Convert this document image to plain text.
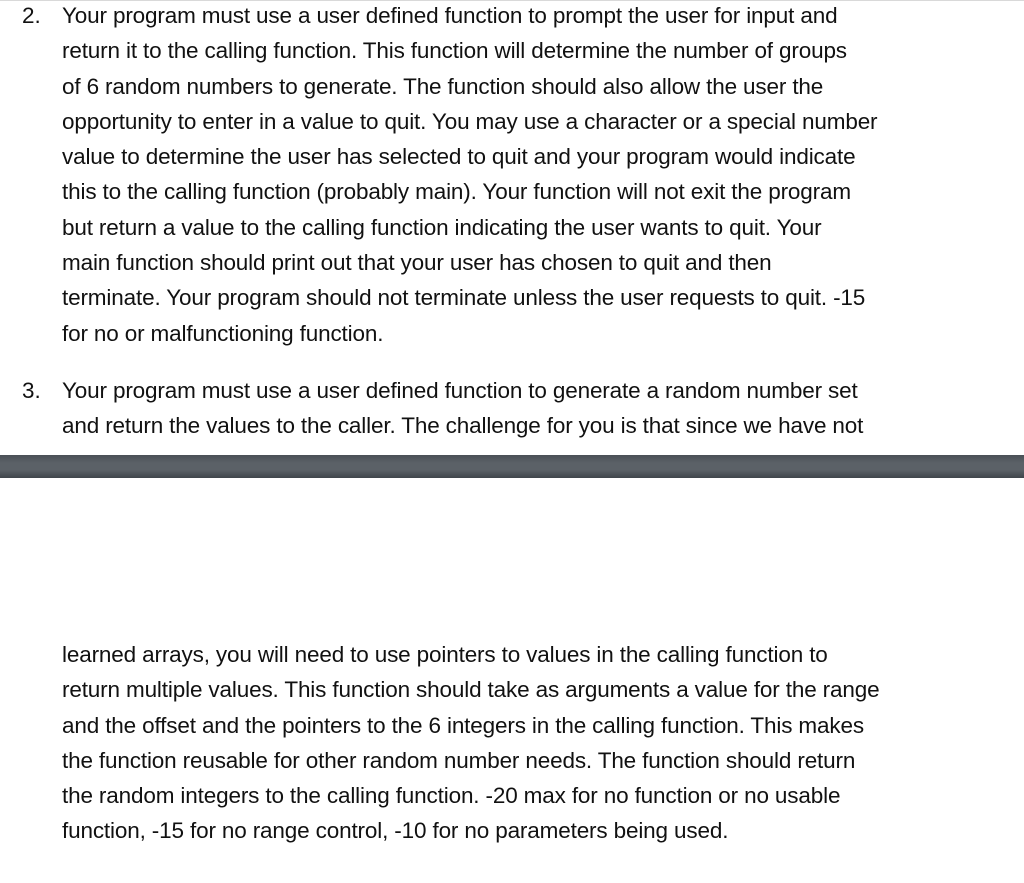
2. Your program must use a user defined function to prompt the user for input and
return it to the calling function. This function will determine the number of groups
of 6 random numbers to generate. The function should also allow the user the
opportunity to enter in a value to quit. You may use a character or a special number
value to determine the user has selected to quit and your program would indicate
this to the calling function (probably main). Your function will not exit the program
but return a value to the calling function indicating the user wants to quit. Your
main function should print out that your user has chosen to quit and then
terminate. Your program should not terminate unless the user requests to quit. -15
for no or malfunctioning function.
3. Your program must use a user defined function to generate a random number set
and return the values to the caller. The challenge for you is that since we have not
learned arrays, you will need to use pointers to values in the calling function to
return multiple values. This function should take as arguments a value for the range
and the offset and the pointers to the 6 integers in the calling function. This makes
the function reusable for other random number needs. The function should return
the random integers to the calling function. -20 max for no function or no usable
function, -15 for no range control, -10 for no parameters being used.
